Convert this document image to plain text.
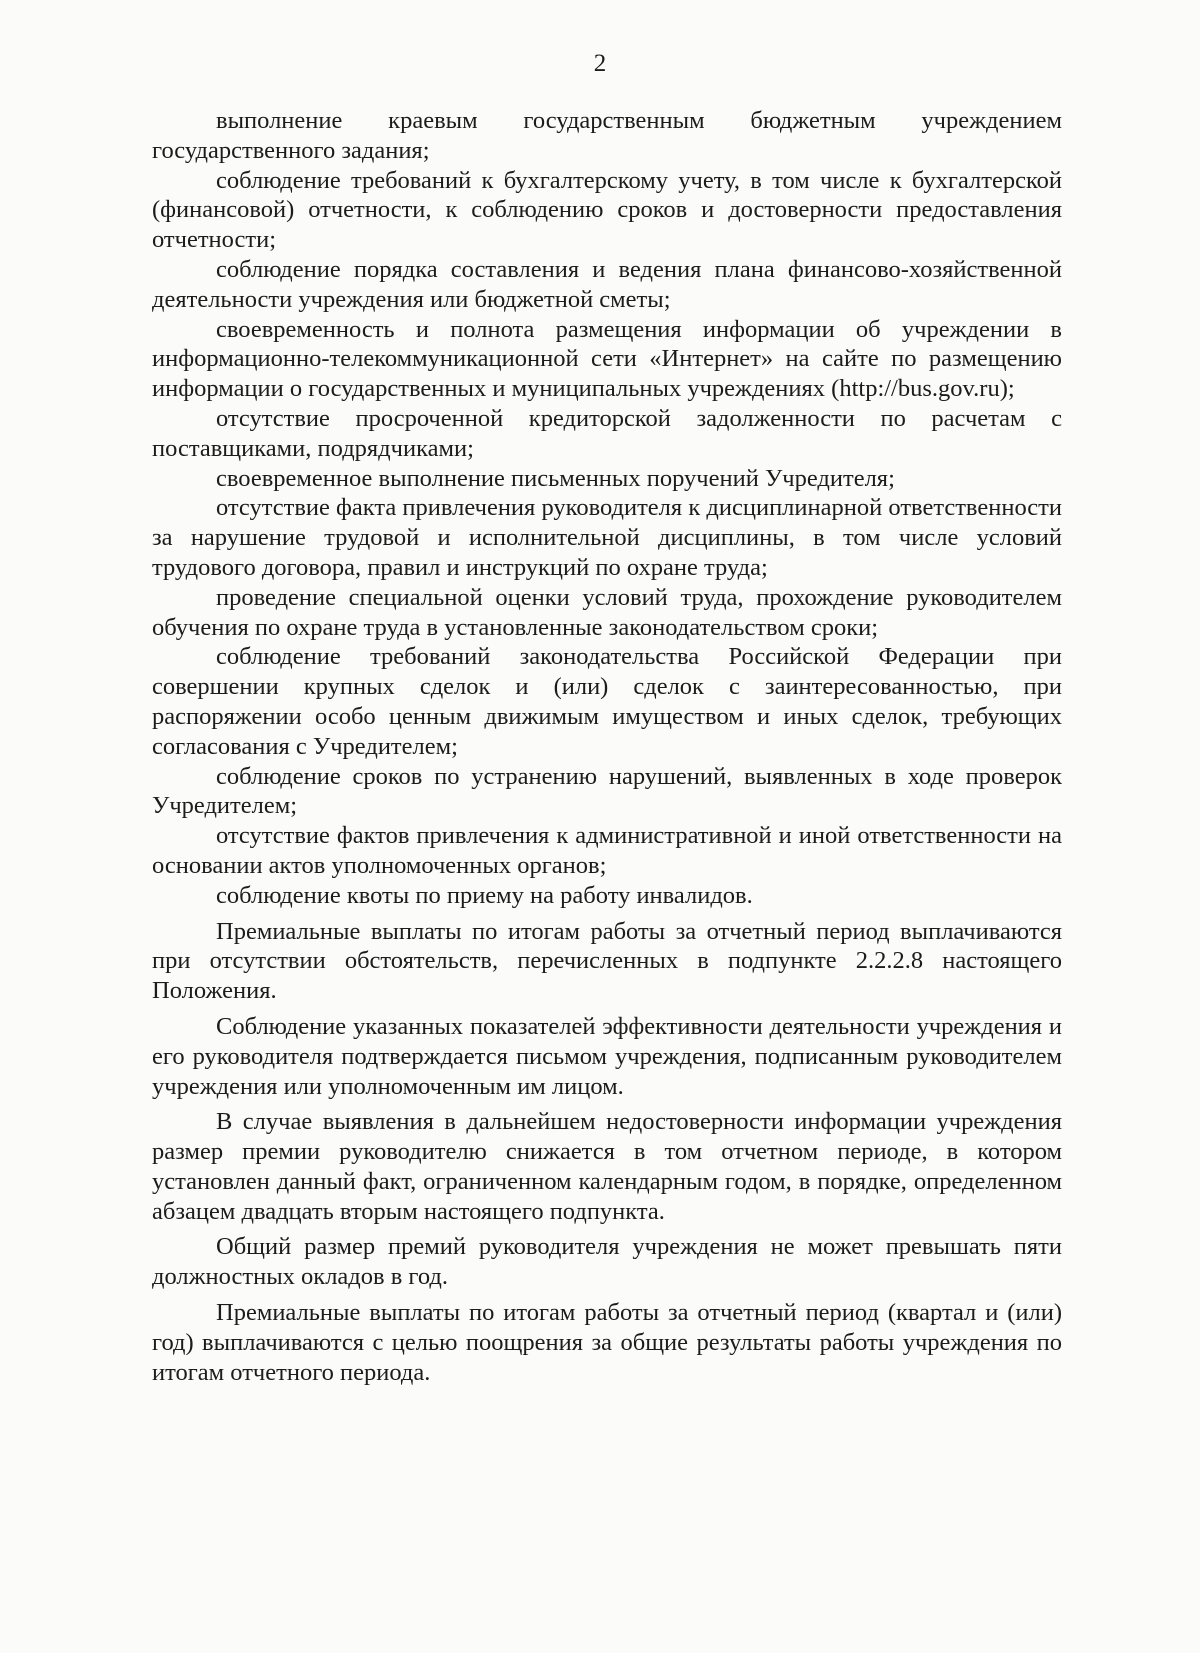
2

выполнение краевым государственным бюджетным учреждением государственного задания;

соблюдение требований к бухгалтерскому учету, в том числе к бухгалтерской (финансовой) отчетности, к соблюдению сроков и достоверности предоставления отчетности;

соблюдение порядка составления и ведения плана финансово-хозяйственной деятельности учреждения или бюджетной сметы;

своевременность и полнота размещения информации об учреждении в информационно-телекоммуникационной сети «Интернет» на сайте по размещению информации о государственных и муниципальных учреждениях (http://bus.gov.ru);

отсутствие просроченной кредиторской задолженности по расчетам с поставщиками, подрядчиками;

своевременное выполнение письменных поручений Учредителя;

отсутствие факта привлечения руководителя к дисциплинарной ответственности за нарушение трудовой и исполнительной дисциплины, в том числе условий трудового договора, правил и инструкций по охране труда;

проведение специальной оценки условий труда, прохождение руководителем обучения по охране труда в установленные законодательством сроки;

соблюдение требований законодательства Российской Федерации при совершении крупных сделок и (или) сделок с заинтересованностью, при распоряжении особо ценным движимым имуществом и иных сделок, требующих согласования с Учредителем;

соблюдение сроков по устранению нарушений, выявленных в ходе проверок Учредителем;

отсутствие фактов привлечения к административной и иной ответственности на основании актов уполномоченных органов;

соблюдение квоты по приему на работу инвалидов.

Премиальные выплаты по итогам работы за отчетный период выплачиваются при отсутствии обстоятельств, перечисленных в подпункте 2.2.2.8 настоящего Положения.

Соблюдение указанных показателей эффективности деятельности учреждения и его руководителя подтверждается письмом учреждения, подписанным руководителем учреждения или уполномоченным им лицом.

В случае выявления в дальнейшем недостоверности информации учреждения размер премии руководителю снижается в том отчетном периоде, в котором установлен данный факт, ограниченном календарным годом, в порядке, определенном абзацем двадцать вторым настоящего подпункта.

Общий размер премий руководителя учреждения не может превышать пяти должностных окладов в год.

Премиальные выплаты по итогам работы за отчетный период (квартал и (или) год) выплачиваются с целью поощрения за общие результаты работы учреждения по итогам отчетного периода.
